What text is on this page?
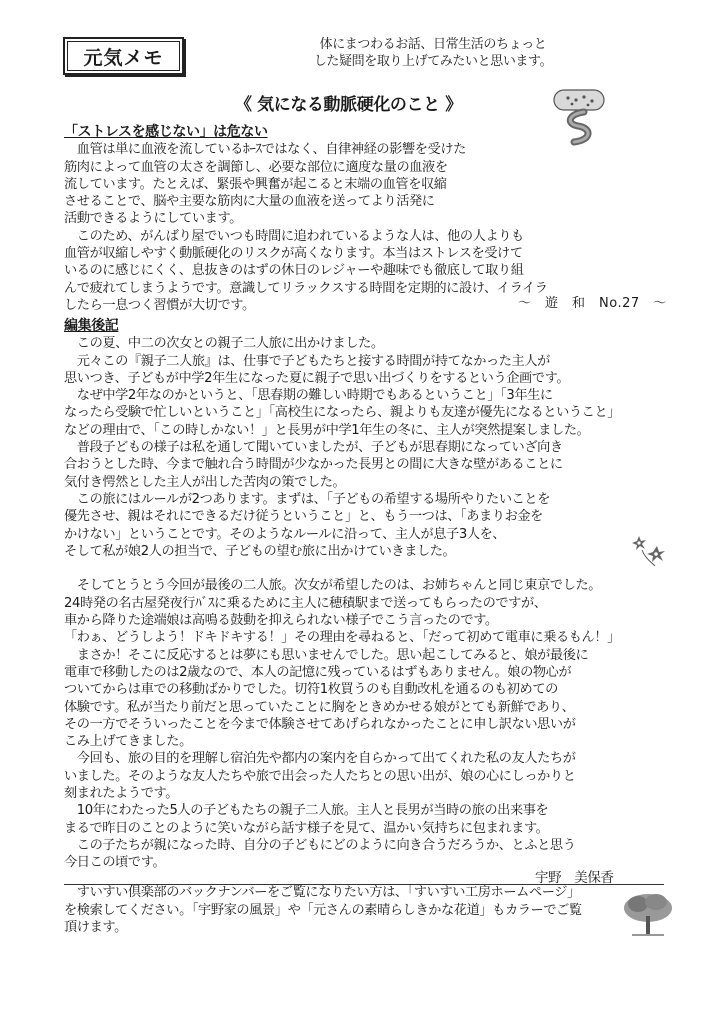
元気メモ
体にまつわるお話、日常生活のちょっと
した疑問を取り上げてみたいと思います。
《 気になる動脈硬化のこと 》
「ストレスを感じない」は危ない
　血管は単に血液を流しているﾎｰｽではなく、自律神経の影響を受けた
筋肉によって血管の太さを調節し、必要な部位に適度な量の血液を
流しています。たとえば、緊張や興奮が起こると末端の血管を収縮
させることで、脳や主要な筋肉に大量の血液を送ってより活発に
活動できるようにしています。
　このため、がんばり屋でいつも時間に追われているような人は、他の人よりも
血管が収縮しやすく動脈硬化のリスクが高くなります。本当はストレスを受けて
いるのに感じにくく、息抜きのはずの休日のレジャーや趣味でも徹底して取り組
んで疲れてしまうようです。意識してリラックスする時間を定期的に設け、イライラ
したら一息つく習慣が大切です。	～　遊　和　No.27　～
編集後記
　この夏、中二の次女との親子二人旅に出かけました。
　元々この『親子二人旅』は、仕事で子どもたちと接する時間が持てなかった主人が
思いつき、子どもが中学2年生になった夏に親子で思い出づくりをするという企画です。
　なぜ中学2年なのかというと、「思春期の難しい時期でもあるということ」「3年生に
なったら受験で忙しいということ」「高校生になったら、親よりも友達が優先になるということ」
などの理由で、「この時しかない！」と長男が中学1年生の冬に、主人が突然提案しました。
　普段子どもの様子は私を通して聞いていましたが、子どもが思春期になっていざ向き
合おうとした時、今まで触れ合う時間が少なかった長男との間に大きな壁があることに
気付き愕然とした主人が出した苦肉の策でした。
　この旅にはルールが2つあります。まずは、「子どもの希望する場所やりたいことを
優先させ、親はそれにできるだけ従うということ」と、もう一つは、「あまりお金を
かけない」ということです。そのようなルールに沿って、主人が息子3人を、
そして私が娘2人の担当で、子どもの望む旅に出かけていきました。

　そしてとうとう今回が最後の二人旅。次女が希望したのは、お姉ちゃんと同じ東京でした。
24時発の名古屋発夜行ﾊﾞｽに乗るために主人に穂積駅まで送ってもらったのですが、
車から降りた途端娘は高鳴る鼓動を抑えられない様子でこう言ったのです。
「わぁ、どうしよう！ドキドキする！」その理由を尋ねると、「だって初めて電車に乗るもん！」
　まさか！そこに反応するとは夢にも思いませんでした。思い起こしてみると、娘が最後に
電車で移動したのは2歳なので、本人の記憶に残っているはずもありません。娘の物心が
ついてからは車での移動ばかりでした。切符1枚買うのも自動改札を通るのも初めての
体験です。私が当たり前だと思っていたことに胸をときめかせる娘がとても新鮮であり、
その一方でそういったことを今まで体験させてあげられなかったことに申し訳ない思いが
こみ上げてきました。
　今回も、旅の目的を理解し宿泊先や都内の案内を自らかって出てくれた私の友人たちが
いました。そのような友人たちや旅で出会った人たちとの思い出が、娘の心にしっかりと
刻まれたようです。
　10年にわたった5人の子どもたちの親子二人旅。主人と長男が当時の旅の出来事を
まるで昨日のことのように笑いながら話す様子を見て、温かい気持ちに包まれます。
　この子たちが親になった時、自分の子どもにどのように向き合うだろうか、とふと思う
今日この頃です。
宇野　美保香
　すいすい倶楽部のバックナンバーをご覧になりたい方は、「すいすい工房ホームページ」
を検索してください。「宇野家の風景」や「元さんの素晴らしきかな花道」もカラーでご覧
頂けます。
